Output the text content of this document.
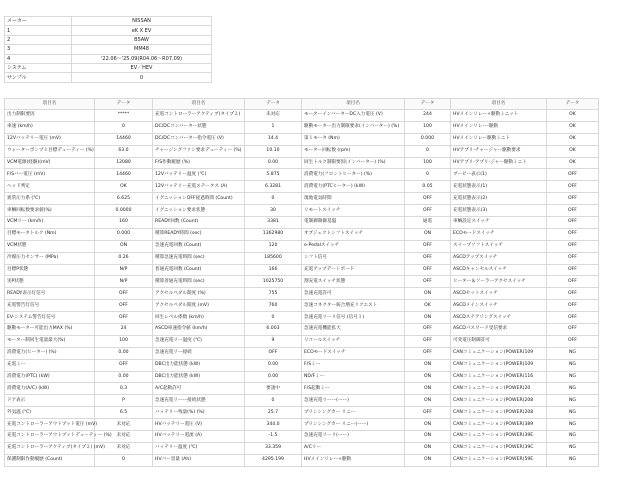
メーカー	NISSAN
1	eK X EV
2	B5AW
3	MM48
4	'22.06～'25.09(R04.06～R07.09)
システム	EV／HEV
サンプル	0
項目名	データ	項目名	データ	項目名	データ	項目名	データ
出力制限要因	*****	充電コントローラーアクティブ(タイプ２)	未対応	モーターインバーターDC入力電圧 (V)	244	HVメインリレー+駆動ミニット	OK
車速 (km/h)	0	DC/DCコンバーター状態	1	駆動モーター出力制限要求(インバーター) (%)	100	HVメインリレー-駆動	OK
12Vバッテリー電圧 (mV)	14460	DC/DCコンバーター指令電圧 (V)	14.4	第１モータ (Nm)	0.000	HVメインリレー駆動ミニト	OK
ウォーターポンプ１目標デューティー (%)	63.0	チャージングファン要求デューティー (%)	10.10	モーター回転数 (rpm)	0	HVアプリ-チャージャー駆動要求	OK
VCM電源(経験)(mV)	12080	F/S作動履歴 (%)	0.00	回生トルク制限要因(インバーター) (%)	100	HVアプリ-アプリ-ジャー駆動ミニト	OK
F/Sバー電圧 (mV)	14460	12Vバッテリー温度 (℃)	5.875	消費電力(フロントヒーター) (%)	0	ブービー表示(1)	OFF
ヘッド判定	OK	12Vバッテリー充電ステータス (A)	6.3281	消費電力(PTCヒーター) (kW)	0.05	充電状態表示(1)	OFF
異常圧力系 (℃)	6.625	イグニッションOFF経過時間 (Count)	0	現地電気時間	OFF	充電状態表示(2)	OFF
車輌回転数要求値(%)	0.0000	イグニッション要求状態	30	リモートスイッチ	OFF	充電状態表示(3)	OFF
VCMリー (km/h)	160	READY回数 (Count)	3381	電制御制御基盤	通電	車輌設定スイッチ	OFF
目標モータトルク (Nm)	0.000	積算READY時間 (sec)	1362980	オブジェクトシフトスイッチ	ON	ECOモードスイッチ	OFF
VCM状態	ON	急速充電回数 (Count)	120	e-Pedalスイッチ	OFF	スイープソフトスイッチ	OFF
冷媒圧力センサー (MPa)	0.26	積算急速充電時間 (sec)	185600	シフト信号	OFF	ASCDアップスイッチ	OFF
目標P状態	N/P	普通充電回数 (Count)	166	充電アップデートボード	OFF	ASCDキャンセルスイッチ	OFF
実P状態	N/P	積算普通充電時間 (sec)	1025750	割充電スイッチ状態	OFF	ヒーター＆ソーラーアクセスイッチ	OFF
READY表示灯信号	OFF	アクセルペダル開度 (%)	755	急速充電許可	ON	ASCDセットスイッチ	OFF
充電警告灯信号	OFF	アクセルペダル開度 (mV)	760	急速コネクター統合増充リクエスト	OK	ASCDメインスイッチ	OFF
EV-システム警告灯信号	OFF	回生レベル係数 (km/h)	0	急速充電リーリ信号 (信号１)	ON	ASCDステアリングスイッチ	OFF
駆動モーター可能出力MAX (%)	24	ASCD車速指令値 (km/h)	6.003	急速充電機能拡大	OFF	ASCDパスワード受信要求	OFF
モーター制回生電量最大(%)	100	急速充電リー温度 (℃)	9	リコールスイッチ	OFF	可変電圧制御許可	OFF
消費電力(ヒーター) (%)	0.00	急速充電リー接続	OFF	ECOモードスイッチ	OFF	CANコミュニケーション(POWER)109	NG
充電ミー	OFF	DBC出力能状態 (kW)	0.00	F/Sミー	ON	CANコミュニケーション(POWER)109	NG
消費電力(PTC) (kW)	0.00	DBC出力能状態 (kW)	0.00	ND/Fミー	ON	CANコミュニケーション(POWER)116	NG
消費電力(A/C) (kW)	0.3	A/C起動許可	要請中	F/S起動ミー	ON	CANコミュニケーション(POWER)20	NG
ドア表示	P	急速充電リーー接続状態	0	急速充電リーー(ーー)	ON	CANコミュニケーション(POWER)208	NG
外気温 (℃)	6.5	バッテリー残量(%) (%)	25.7	プリンシングカー リニー	OFF	CANコミュニケーション(POWER)208	NG
充電コントローラーアウトプット電圧 (mV)	未対応	HVバッテリー電圧 (V)	344.0	プリンシングカー リニー(ーー)	ON	CANコミュニケーション(POWER)389	NG
充電コントローラーアウトプットデューティー (%)	未対応	HVバッテリー電流 (A)	-1.5	急速充電リーリ(ーー)	ON	CANコミュニケーション(POWER)39E	NG
充電コントローラーアクティブ(タイプ２) (mV)	未対応	バッテリー温度 (℃)	33.359	A/Cリー	ON	CANコミュニケーション(POWER)39C	NG
保護制限作動履歴 (Count)	0	HVバー容量 (Ah)	4295.199	HVメインリレー+駆動	ON	CANコミュニケーション(POWER)59E	NG
